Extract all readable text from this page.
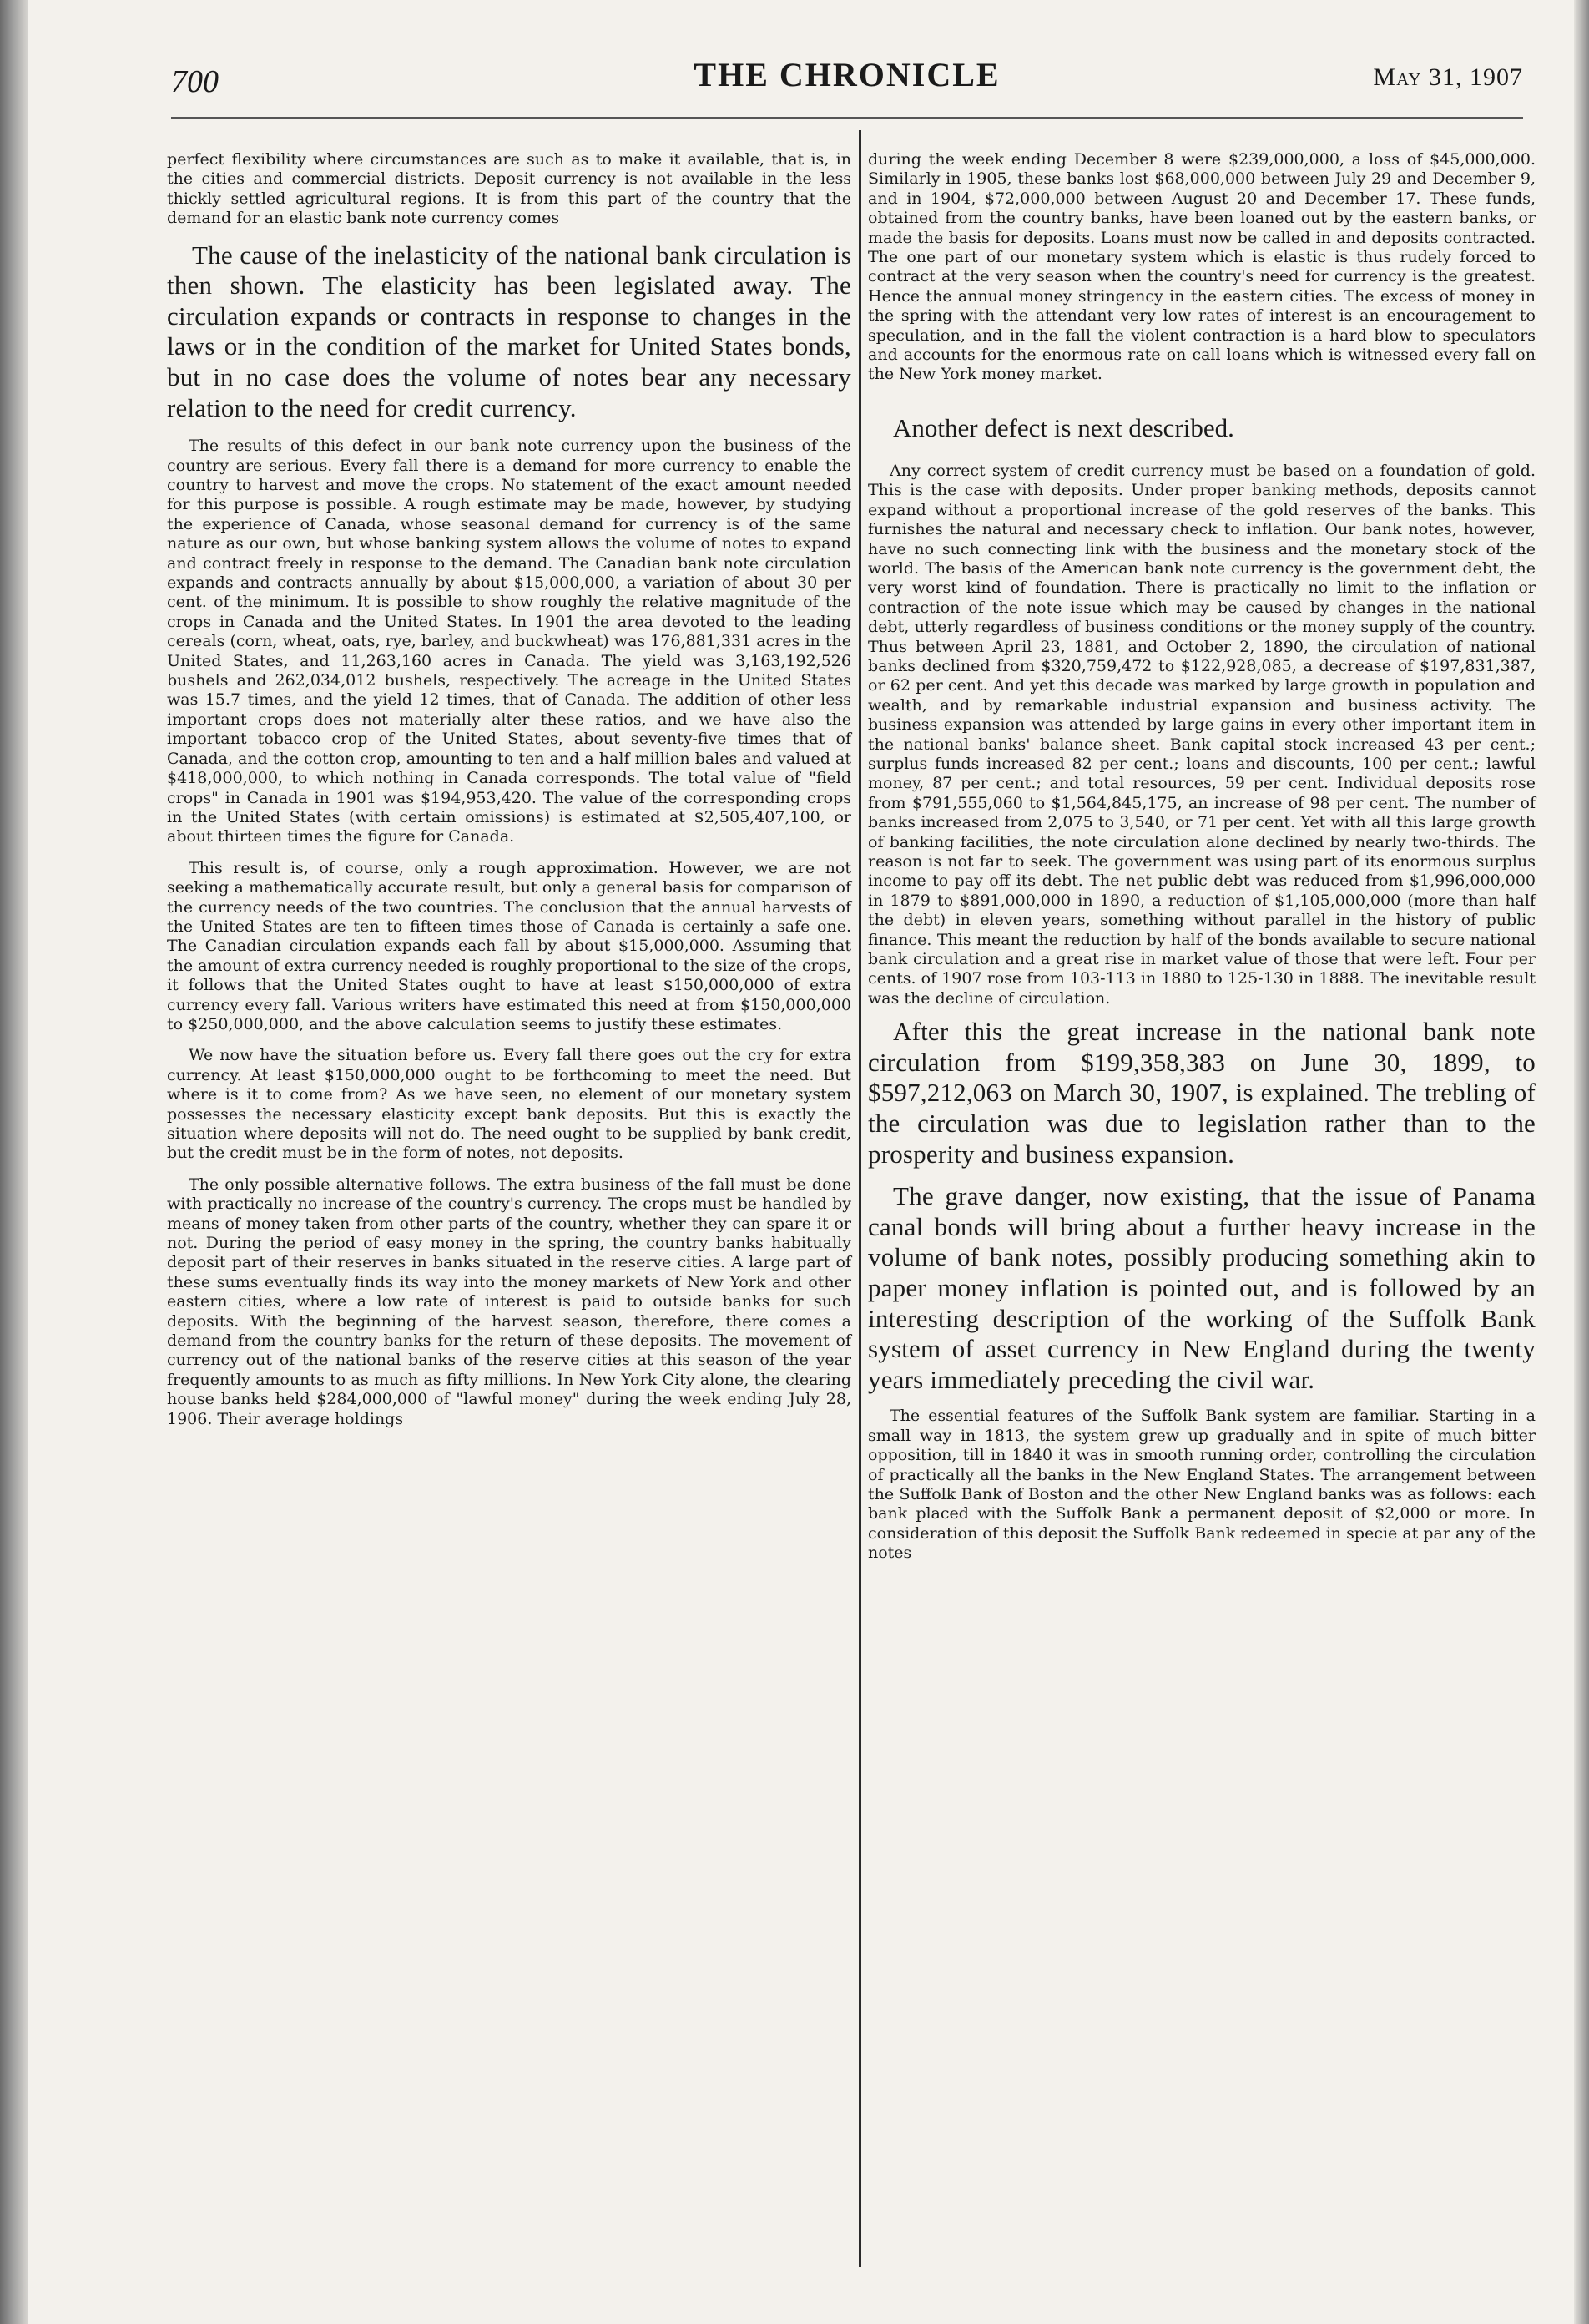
700	THE CHRONICLE	May 31, 1907

perfect flexibility where circumstances are such as to make it available, that is, in the cities and commercial districts. Deposit currency is not available in the less thickly settled agricultural regions. It is from this part of the country that the demand for an elastic bank note currency comes

The cause of the inelasticity of the national bank circulation is then shown. The elasticity has been legislated away. The circulation expands or contracts in response to changes in the laws or in the condition of the market for United States bonds, but in no case does the volume of notes bear any necessary relation to the need for credit currency.

The results of this defect in our bank note currency upon the business of the country are serious. Every fall there is a demand for more currency to enable the country to harvest and move the crops. No statement of the exact amount needed for this purpose is possible. A rough estimate may be made, however, by studying the experience of Canada, whose seasonal demand for currency is of the same nature as our own, but whose banking system allows the volume of notes to expand and contract freely in response to the demand. The Canadian bank note circulation expands and contracts annually by about $15,000,000, a variation of about 30 per cent. of the minimum. It is possible to show roughly the relative magnitude of the crops in Canada and the United States. In 1901 the area devoted to the leading cereals (corn, wheat, oats, rye, barley, and buckwheat) was 176,881,331 acres in the United States, and 11,263,160 acres in Canada. The yield was 3,163,192,526 bushels and 262,034,012 bushels, respectively. The acreage in the United States was 15.7 times, and the yield 12 times, that of Canada. The addition of other less important crops does not materially alter these ratios, and we have also the important tobacco crop of the United States, about seventy-five times that of Canada, and the cotton crop, amounting to ten and a half million bales and valued at $418,000,000, to which nothing in Canada corresponds. The total value of "field crops" in Canada in 1901 was $194,953,420. The value of the corresponding crops in the United States (with certain omissions) is estimated at $2,505,407,100, or about thirteen times the figure for Canada.

This result is, of course, only a rough approximation. However, we are not seeking a mathematically accurate result, but only a general basis for comparison of the currency needs of the two countries. The conclusion that the annual harvests of the United States are ten to fifteen times those of Canada is certainly a safe one. The Canadian circulation expands each fall by about $15,000,000. Assuming that the amount of extra currency needed is roughly proportional to the size of the crops, it follows that the United States ought to have at least $150,000,000 of extra currency every fall. Various writers have estimated this need at from $150,000,000 to $250,000,000, and the above calculation seems to justify these estimates.

We now have the situation before us. Every fall there goes out the cry for extra currency. At least $150,000,000 ought to be forthcoming to meet the need. But where is it to come from? As we have seen, no element of our monetary system possesses the necessary elasticity except bank deposits. But this is exactly the situation where deposits will not do. The need ought to be supplied by bank credit, but the credit must be in the form of notes, not deposits.

The only possible alternative follows. The extra business of the fall must be done with practically no increase of the country's currency. The crops must be handled by means of money taken from other parts of the country, whether they can spare it or not. During the period of easy money in the spring, the country banks habitually deposit part of their reserves in banks situated in the reserve cities. A large part of these sums eventually finds its way into the money markets of New York and other eastern cities, where a low rate of interest is paid to outside banks for such deposits. With the beginning of the harvest season, therefore, there comes a demand from the country banks for the return of these deposits. The movement of currency out of the national banks of the reserve cities at this season of the year frequently amounts to as much as fifty millions. In New York City alone, the clearing house banks held $284,000,000 of "lawful money" during the week ending July 28, 1906. Their average holdings

during the week ending December 8 were $239,000,000, a loss of $45,000,000. Similarly in 1905, these banks lost $68,000,000 between July 29 and December 9, and in 1904, $72,000,000 between August 20 and December 17. These funds, obtained from the country banks, have been loaned out by the eastern banks, or made the basis for deposits. Loans must now be called in and deposits contracted. The one part of our monetary system which is elastic is thus rudely forced to contract at the very season when the country's need for currency is the greatest. Hence the annual money stringency in the eastern cities. The excess of money in the spring with the attendant very low rates of interest is an encouragement to speculation, and in the fall the violent contraction is a hard blow to speculators and accounts for the enormous rate on call loans which is witnessed every fall on the New York money market.

Another defect is next described.

Any correct system of credit currency must be based on a foundation of gold. This is the case with deposits. Under proper banking methods, deposits cannot expand without a proportional increase of the gold reserves of the banks. This furnishes the natural and necessary check to inflation. Our bank notes, however, have no such connecting link with the business and the monetary stock of the world. The basis of the American bank note currency is the government debt, the very worst kind of foundation. There is practically no limit to the inflation or contraction of the note issue which may be caused by changes in the national debt, utterly regardless of business conditions or the money supply of the country. Thus between April 23, 1881, and October 2, 1890, the circulation of national banks declined from $320,759,472 to $122,928,085, a decrease of $197,831,387, or 62 per cent. And yet this decade was marked by large growth in population and wealth, and by remarkable industrial expansion and business activity. The business expansion was attended by large gains in every other important item in the national banks' balance sheet. Bank capital stock increased 43 per cent.; surplus funds increased 82 per cent.; loans and discounts, 100 per cent.; lawful money, 87 per cent.; and total resources, 59 per cent. Individual deposits rose from $791,555,060 to $1,564,845,175, an increase of 98 per cent. The number of banks increased from 2,075 to 3,540, or 71 per cent. Yet with all this large growth of banking facilities, the note circulation alone declined by nearly two-thirds. The reason is not far to seek. The government was using part of its enormous surplus income to pay off its debt. The net public debt was reduced from $1,996,000,000 in 1879 to $891,000,000 in 1890, a reduction of $1,105,000,000 (more than half the debt) in eleven years, something without parallel in the history of public finance. This meant the reduction by half of the bonds available to secure national bank circulation and a great rise in market value of those that were left. Four per cents. of 1907 rose from 103-113 in 1880 to 125-130 in 1888. The inevitable result was the decline of circulation.

After this the great increase in the national bank note circulation from $199,358,383 on June 30, 1899, to $597,212,063 on March 30, 1907, is explained. The trebling of the circulation was due to legislation rather than to the prosperity and business expansion.

The grave danger, now existing, that the issue of Panama canal bonds will bring about a further heavy increase in the volume of bank notes, possibly producing something akin to paper money inflation is pointed out, and is followed by an interesting description of the working of the Suffolk Bank system of asset currency in New England during the twenty years immediately preceding the civil war.

The essential features of the Suffolk Bank system are familiar. Starting in a small way in 1813, the system grew up gradually and in spite of much bitter opposition, till in 1840 it was in smooth running order, controlling the circulation of practically all the banks in the New England States. The arrangement between the Suffolk Bank of Boston and the other New England banks was as follows: each bank placed with the Suffolk Bank a permanent deposit of $2,000 or more. In consideration of this deposit the Suffolk Bank redeemed in specie at par any of the notes
